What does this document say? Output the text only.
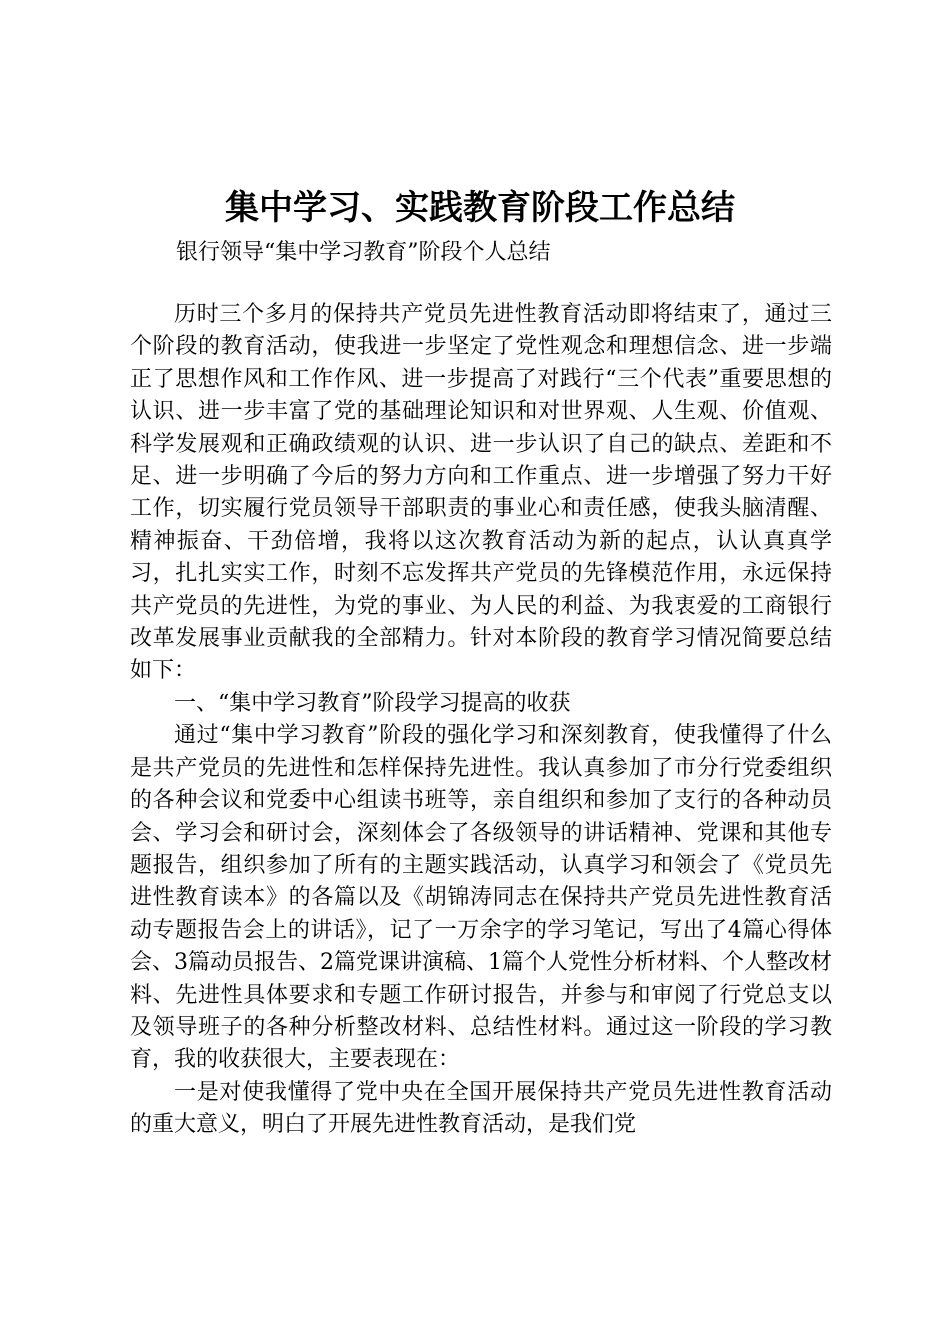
集中学习、实践教育阶段工作总结
银行领导“集中学习教育”阶段个人总结

历时三个多月的保持共产党员先进性教育活动即将结束了，通过三个阶段的教育活动，使我进一步坚定了党性观念和理想信念、进一步端正了思想作风和工作作风、进一步提高了对践行“三个代表”重要思想的认识、进一步丰富了党的基础理论知识和对世界观、人生观、价值观、科学发展观和正确政绩观的认识、进一步认识了自己的缺点、差距和不足、进一步明确了今后的努力方向和工作重点、进一步增强了努力干好工作，切实履行党员领导干部职责的事业心和责任感，使我头脑清醒、精神振奋、干劲倍增，我将以这次教育活动为新的起点，认认真真学习，扎扎实实工作，时刻不忘发挥共产党员的先锋模范作用，永远保持共产党员的先进性，为党的事业、为人民的利益、为我衷爱的工商银行改革发展事业贡献我的全部精力。针对本阶段的教育学习情况简要总结如下：

一、“集中学习教育”阶段学习提高的收获

通过“集中学习教育”阶段的强化学习和深刻教育，使我懂得了什么是共产党员的先进性和怎样保持先进性。我认真参加了市分行党委组织的各种会议和党委中心组读书班等，亲自组织和参加了支行的各种动员会、学习会和研讨会，深刻体会了各级领导的讲话精神、党课和其他专题报告，组织参加了所有的主题实践活动，认真学习和领会了《党员先进性教育读本》的各篇以及《胡锦涛同志在保持共产党员先进性教育活动专题报告会上的讲话》，记了一万余字的学习笔记，写出了4篇心得体会、3篇动员报告、2篇党课讲演稿、1篇个人党性分析材料、个人整改材料、先进性具体要求和专题工作研讨报告，并参与和审阅了行党总支以及领导班子的各种分析整改材料、总结性材料。通过这一阶段的学习教育，我的收获很大，主要表现在：

一是对使我懂得了党中央在全国开展保持共产党员先进性教育活动的重大意义，明白了开展先进性教育活动，是我们党
